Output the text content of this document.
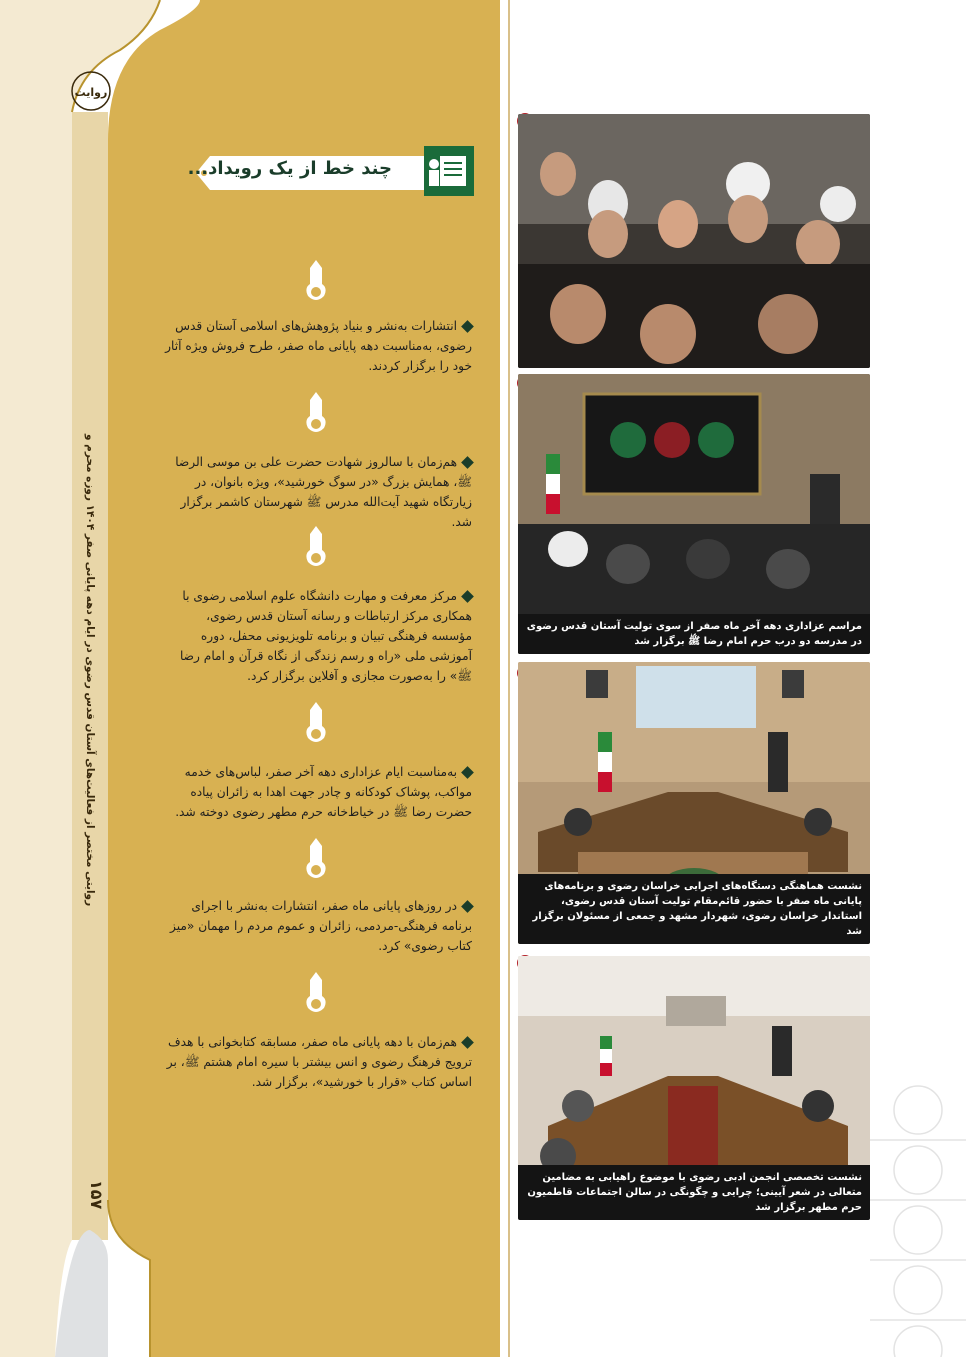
روایتی مختصر از فعالیت‌های آستان قدس رضوی در ایام دهه پایانی صفر ۱۴۰۴ روزه محرم و
روایت
۱۵۷
چند خط از یک رویداد...
انتشارات به‌نشر و بنیاد پژوهش‌های اسلامی آستان قدس رضوی، به‌مناسبت دهه پایانی ماه صفر، طرح فروش ویژه آثار خود را برگزار کردند.
هم‌زمان با سالروز شهادت حضرت علی بن موسی الرضا ﷺ، همایش بزرگ «در سوگ خورشید»، ویژه بانوان، در زیارتگاه شهید آیت‌الله مدرس ﷺ شهرستان کاشمر برگزار شد.
مرکز معرفت و مهارت دانشگاه علوم اسلامی رضوی با همکاری مرکز ارتباطات و رسانه آستان قدس رضوی، مؤسسه فرهنگی تبیان و برنامه تلویزیونی محفل، دوره آموزشی ملی «راه و رسم زندگی از نگاه قرآن و امام رضا ﷺ» را به‌صورت مجازی و آفلاین برگزار کرد.
به‌مناسبت ایام عزاداری دهه آخر صفر، لباس‌های خدمه مواکب، پوشاک کودکانه و چادر جهت اهدا به زائران پیاده حضرت رضا ﷺ در خیاط‌خانه حرم مطهر رضوی دوخته شد.
در روزهای پایانی ماه صفر، انتشارات به‌نشر با اجرای برنامه فرهنگی-مردمی، زائران و عموم مردم را مهمان «میز کتاب رضوی» کرد.
هم‌زمان با دهه پایانی ماه صفر، مسابقه کتابخوانی با هدف ترویج فرهنگ رضوی و انس بیشتر با سیره امام هشتم ﷺ، بر اساس کتاب «قرار با خورشید»، برگزار شد.
مراسم عزاداری دهه آخر ماه صفر از سوی تولیت آستان قدس رضوی در مدرسه دو درب حرم امام رضا ﷺ برگزار شد
نشست هماهنگی دستگاه‌های اجرایی خراسان رضوی و برنامه‌های پایانی ماه صفر با حضور قائم‌مقام تولیت آستان قدس رضوی، استاندار خراسان رضوی، شهردار مشهد و جمعی از مسئولان برگزار شد
نشست تخصصی انجمن ادبی رضوی با موضوع راهیابی به مضامین متعالی در شعر آیینی؛ چرایی و چگونگی در سالن اجتماعات قاطمیون حرم مطهر برگزار شد
